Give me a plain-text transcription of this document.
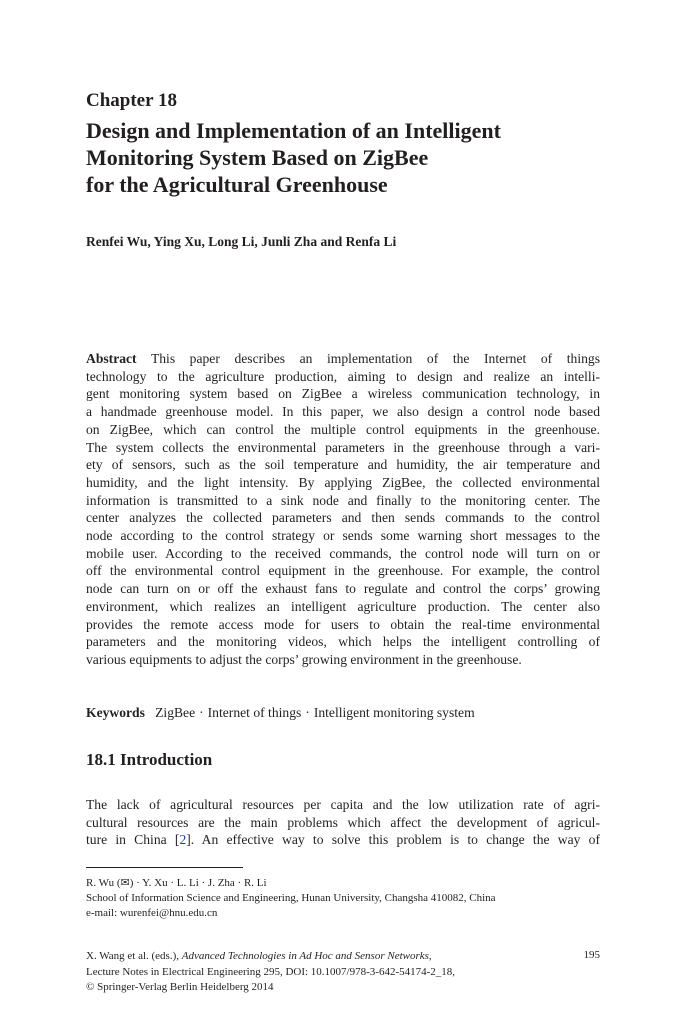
Chapter 18
Design and Implementation of an Intelligent
Monitoring System Based on ZigBee
for the Agricultural Greenhouse
Renfei Wu, Ying Xu, Long Li, Junli Zha and Renfa Li
Abstract This paper describes an implementation of the Internet of things
technology to the agriculture production, aiming to design and realize an intelli-
gent monitoring system based on ZigBee a wireless communication technology, in
a handmade greenhouse model. In this paper, we also design a control node based
on ZigBee, which can control the multiple control equipments in the greenhouse.
The system collects the environmental parameters in the greenhouse through a vari-
ety of sensors, such as the soil temperature and humidity, the air temperature and
humidity, and the light intensity. By applying ZigBee, the collected environmental
information is transmitted to a sink node and finally to the monitoring center. The
center analyzes the collected parameters and then sends commands to the control
node according to the control strategy or sends some warning short messages to the
mobile user. According to the received commands, the control node will turn on or
off the environmental control equipment in the greenhouse. For example, the control
node can turn on or off the exhaust fans to regulate and control the corps’ growing
environment, which realizes an intelligent agriculture production. The center also
provides the remote access mode for users to obtain the real-time environmental
parameters and the monitoring videos, which helps the intelligent controlling of
various equipments to adjust the corps’ growing environment in the greenhouse.
Keywords ZigBee · Internet of things · Intelligent monitoring system
18.1 Introduction
The lack of agricultural resources per capita and the low utilization rate of agri-
cultural resources are the main problems which affect the development of agricul-
ture in China [2]. An effective way to solve this problem is to change the way of
R. Wu (✉) · Y. Xu · L. Li · J. Zha · R. Li
School of Information Science and Engineering, Hunan University, Changsha 410082, China
e-mail: wurenfei@hnu.edu.cn
X. Wang et al. (eds.), Advanced Technologies in Ad Hoc and Sensor Networks,
Lecture Notes in Electrical Engineering 295, DOI: 10.1007/978-3-642-54174-2_18,
© Springer-Verlag Berlin Heidelberg 2014
195
